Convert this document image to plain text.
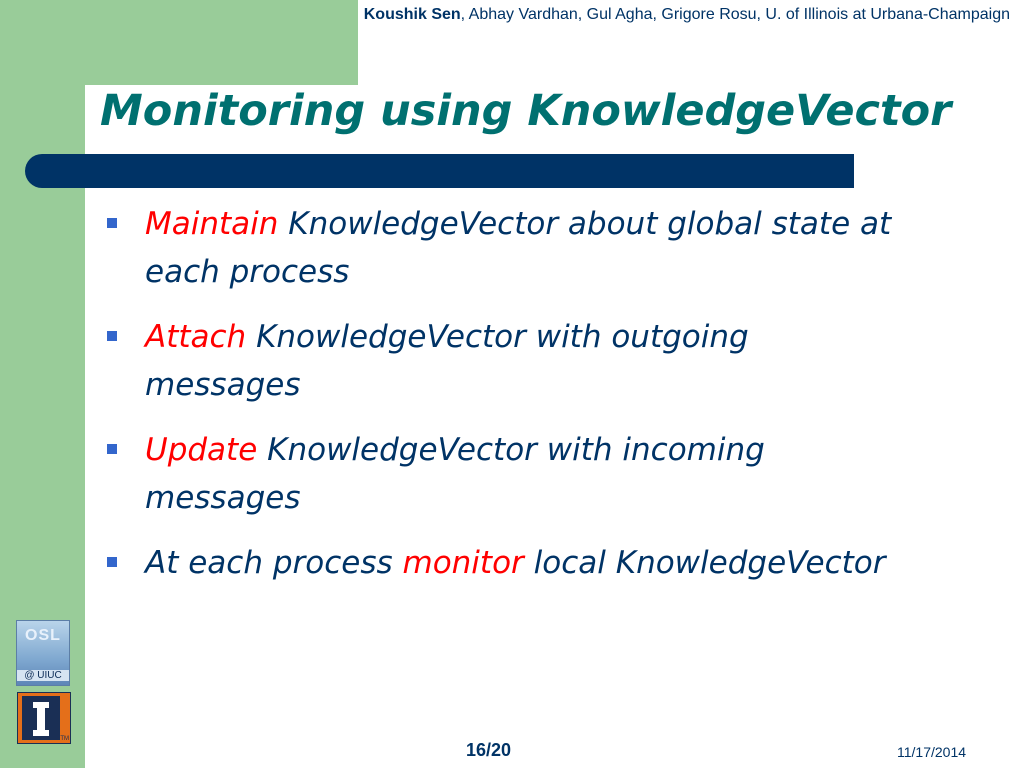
Koushik Sen, Abhay Vardhan, Gul Agha, Grigore Rosu, U. of Illinois at Urbana-Champaign
Monitoring using KnowledgeVector
Maintain KnowledgeVector about global state at each process
Attach KnowledgeVector with outgoing messages
Update KnowledgeVector with incoming messages
At each process monitor local KnowledgeVector
OSL
@ UIUC
TM
16/20	11/17/2014
